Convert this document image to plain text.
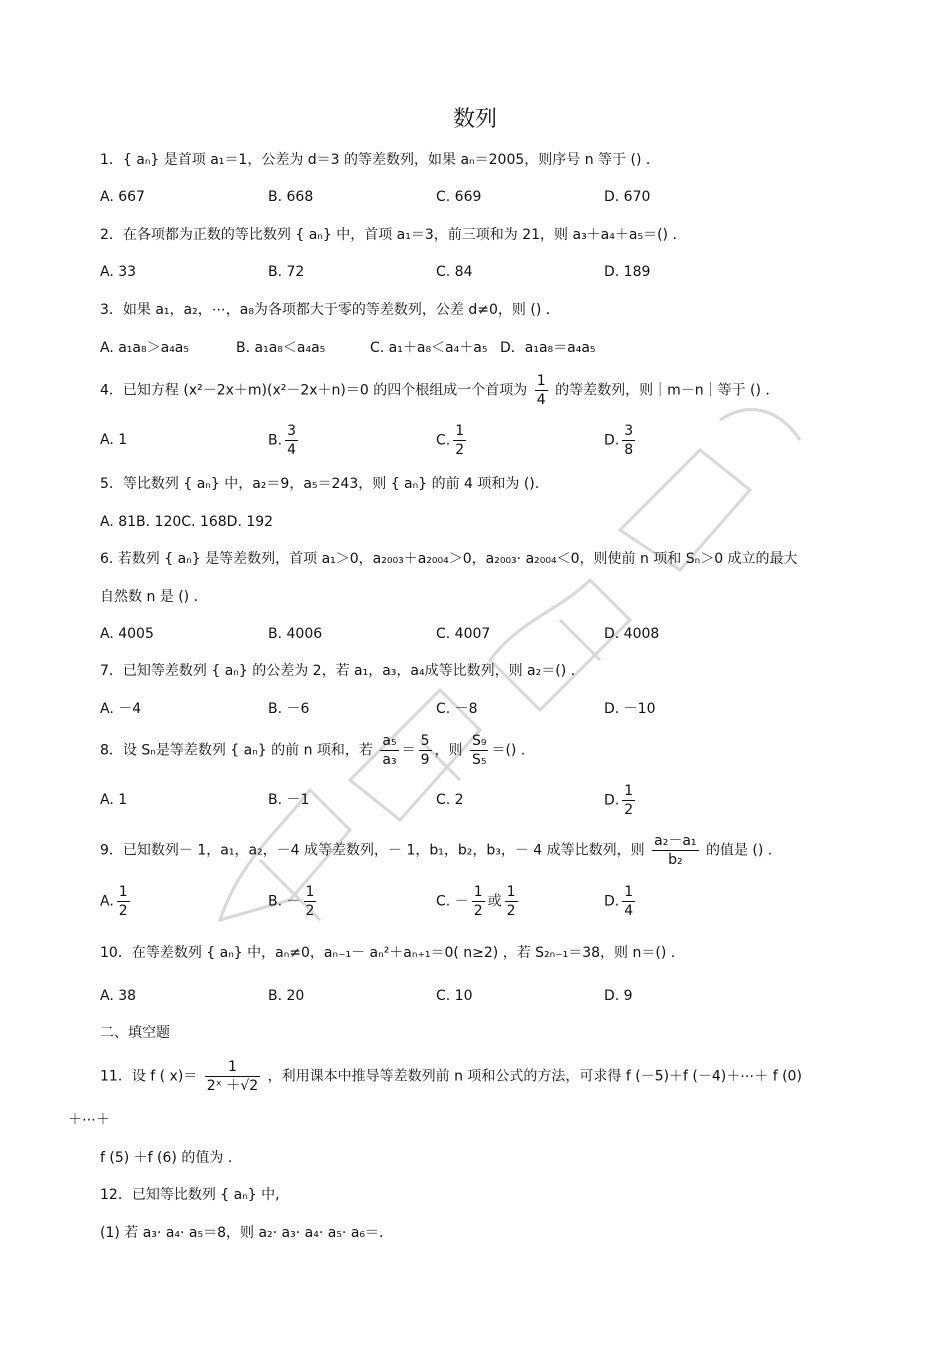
数列
1．{ aₙ} 是首项 a₁＝1，公差为 d＝3 的等差数列，如果 aₙ＝2005，则序号 n 等于 () ．
A. 667	B. 668	C. 669	D. 670
2．在各项都为正数的等比数列 { aₙ} 中，首项 a₁＝3，前三项和为 21，则 a₃＋a₄＋a₅＝() ．
A. 33	B. 72	C. 84	D. 189
3．如果 a₁，a₂，⋯，a₈为各项都大于零的等差数列，公差 d≠0，则 () ．
A. a₁a₈＞a₄a₅	B. a₁a₈＜a₄a₅	C. a₁＋a₈＜a₄＋a₅ D．a₁a₈＝a₄a₅
4．已知方程 (x²－2x＋m)(x²－2x＋n)＝0 的四个根组成一个首项为 $\frac{1}{4}$ 的等差数列，则｜m－n｜等于 () ．
A. 1	B. $\frac{3}{4}$	C. $\frac{1}{2}$	D. $\frac{3}{8}$
5．等比数列 { aₙ} 中，a₂＝9，a₅＝243，则 { aₙ} 的前 4 项和为 ().
A. 81B. 120C. 168D. 192
6. 若数列 { aₙ} 是等差数列，首项 a₁＞0，a₂₀₀₃＋a₂₀₀₄＞0，a₂₀₀₃· a₂₀₀₄＜0，则使前 n 项和 Sₙ＞0 成立的最大
自然数 n 是 () .
A. 4005	B. 4006	C. 4007	D. 4008
7．已知等差数列 { aₙ} 的公差为 2，若 a₁，a₃，a₄成等比数列，则 a₂＝() .
A. －4	B. －6	C. －8	D. －10
8．设 Sₙ是等差数列 { aₙ} 的前 n 项和，若 $\frac{\text{a₅}}{\text{a₃}} = \frac{5}{9}$ ，则 $\frac{\text{S₉}}{\text{S₅}}$ ＝() .
A. 1	B. －1	C. 2	D. $\frac{1}{2}$
9．已知数列－ 1，a₁，a₂，－4 成等差数列，－ 1，b₁，b₂，b₃，－ 4 成等比数列，则 $\frac{\text{a₂－a₁}}{\text{b₂}}$ 的值是 () .
A. $\frac{1}{2}$	B. － $\frac{1}{2}$	C. － $\frac{1}{2}$ 或 $\frac{1}{2}$	D. $\frac{1}{4}$
10．在等差数列 { aₙ} 中，aₙ≠0，aₙ₋₁－ aₙ²＋aₙ₊₁＝0( n≥2) ，若 S₂ₙ₋₁＝38，则 n＝() .
A. 38	B. 20	C. 10	D. 9
二、填空题
11．设 f ( $x)= \frac{1}{\text{2ˣ ＋√2}}$ ，利用课本中推导等差数列前 n 项和公式的方法，可求得 f (－5)＋f (－4)＋⋯＋ f (0)
＋⋯＋
f (5) ＋f (6) 的值为 .
12．已知等比数列 { aₙ} 中,
(1) 若 a₃· a₄· a₅＝8，则 a₂· a₃· a₄· a₅· a₆＝.
